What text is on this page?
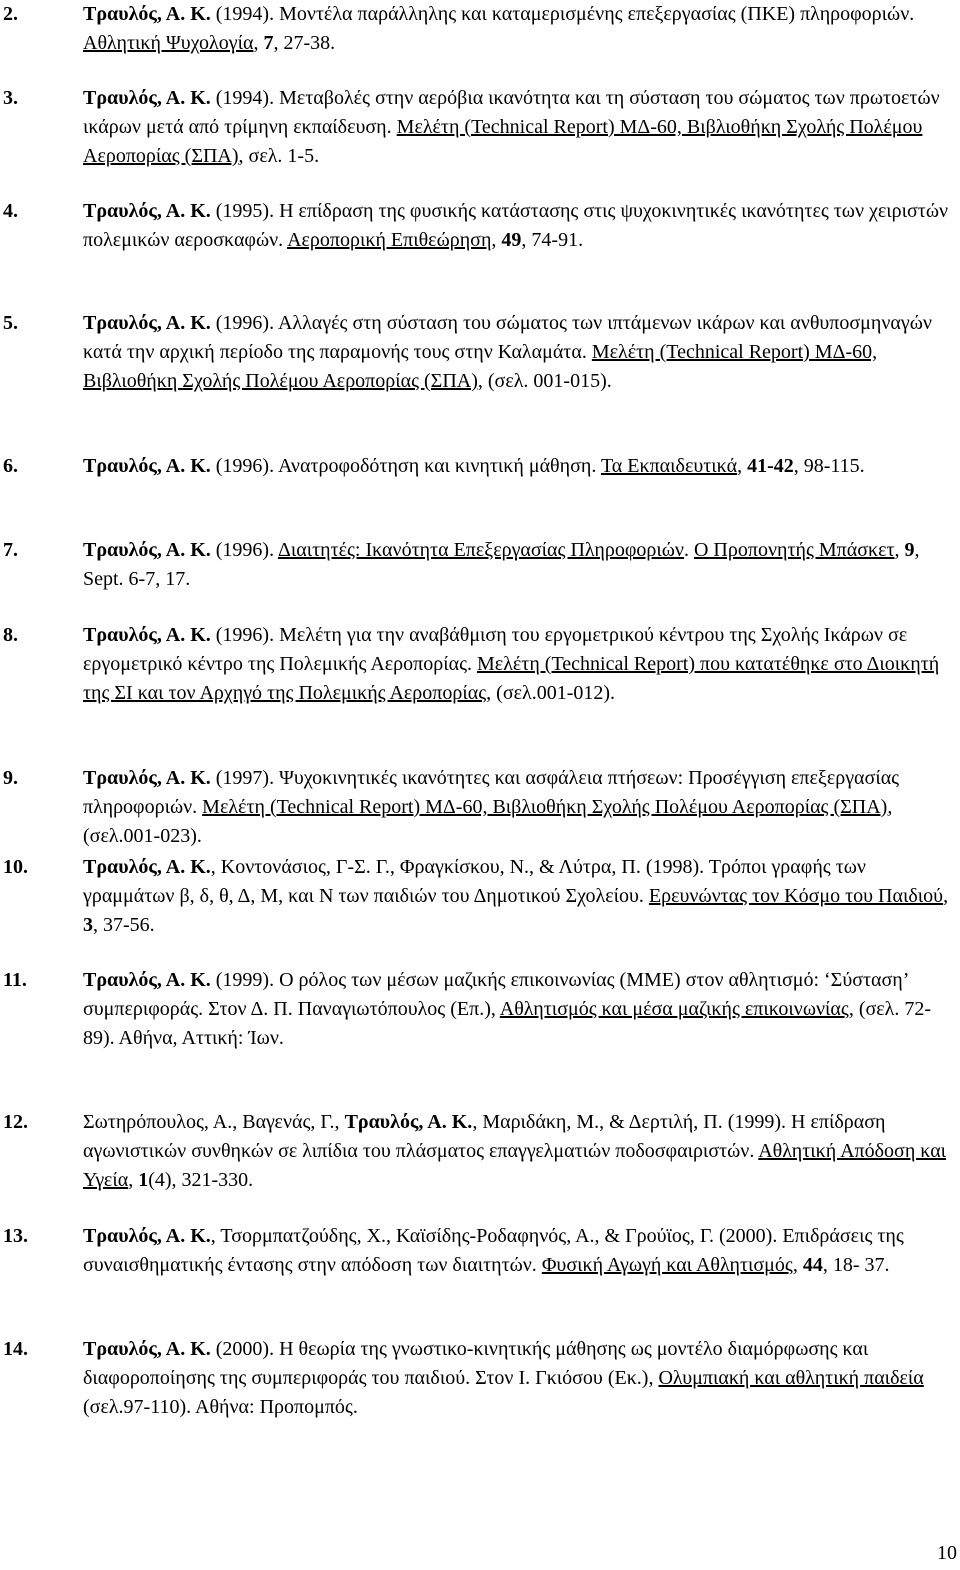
2.	Τραυλός, Α. Κ. (1994). Μοντέλα παράλληλης και καταμερισμένης επεξεργασίας (ΠΚΕ) πληροφοριών. Αθλητική Ψυχολογία, 7, 27-38.
3.	Τραυλός, Α. Κ. (1994). Μεταβολές στην αερόβια ικανότητα και τη σύσταση του σώματος των πρωτοετών ικάρων μετά από τρίμηνη εκπαίδευση. Μελέτη (Technical Report) ΜΔ-60, Βιβλιοθήκη Σχολής Πολέμου Αεροπορίας (ΣΠΑ), σελ. 1-5.
4.	Τραυλός, Α. Κ. (1995). Η επίδραση της φυσικής κατάστασης στις ψυχοκινητικές ικανότητες των χειριστών πολεμικών αεροσκαφών. Αεροπορική Επιθεώρηση, 49, 74-91.
5.	Τραυλός, Α. Κ. (1996). Αλλαγές στη σύσταση του σώματος των ιπτάμενων ικάρων και ανθυποσμηναγών κατά την αρχική περίοδο της παραμονής τους στην Καλαμάτα. Μελέτη (Technical Report) ΜΔ-60, Βιβλιοθήκη Σχολής Πολέμου Αεροπορίας (ΣΠΑ), (σελ. 001-015).
6.	Τραυλός, Α. Κ. (1996). Ανατροφοδότηση και κινητική μάθηση. Τα Εκπαιδευτικά, 41-42, 98-115.
7.	Τραυλός, Α. Κ. (1996). Διαιτητές: Ικανότητα Επεξεργασίας Πληροφοριών. Ο Προπονητής Μπάσκετ, 9, Sept. 6-7, 17.
8.	Τραυλός, Α. Κ. (1996). Μελέτη για την αναβάθμιση του εργομετρικού κέντρου της Σχολής Ικάρων σε εργομετρικό κέντρο της Πολεμικής Αεροπορίας. Μελέτη (Technical Report) που κατατέθηκε στο Διοικητή της ΣΙ και τον Αρχηγό της Πολεμικής Αεροπορίας, (σελ.001-012).
9.	Τραυλός, Α. Κ. (1997). Ψυχοκινητικές ικανότητες και ασφάλεια πτήσεων: Προσέγγιση επεξεργασίας πληροφοριών. Μελέτη (Technical Report) ΜΔ-60, Βιβλιοθήκη Σχολής Πολέμου Αεροπορίας (ΣΠΑ), (σελ.001-023).
10.	Τραυλός, Α. Κ., Κοντονάσιος, Γ-Σ. Γ., Φραγκίσκου, Ν., & Λύτρα, Π. (1998). Τρόποι γραφής των γραμμάτων β, δ, θ, Δ, Μ, και Ν των παιδιών του Δημοτικού Σχολείου. Ερευνώντας τον Κόσμο του Παιδιού, 3, 37-56.
11.	Τραυλός, Α. Κ. (1999). Ο ρόλος των μέσων μαζικής επικοινωνίας (ΜΜΕ) στον αθλητισμό: ‘Σύσταση’ συμπεριφοράς. Στον Δ. Π. Παναγιωτόπουλος (Επ.), Αθλητισμός και μέσα μαζικής επικοινωνίας, (σελ. 72-89). Αθήνα, Αττική: Ίων.
12.	Σωτηρόπουλος, Α., Βαγενάς, Γ., Τραυλός, Α. Κ., Μαριδάκη, Μ., & Δερτιλή, Π. (1999). Η επίδραση αγωνιστικών συνθηκών σε λιπίδια του πλάσματος επαγγελματιών ποδοσφαιριστών. Αθλητική Απόδοση και Υγεία, 1(4), 321-330.
13.	Τραυλός, Α. Κ., Τσορμπατζούδης, Χ., Καϊσίδης-Ροδαφηνός, Α., & Γρούϊος, Γ. (2000). Επιδράσεις της συναισθηματικής έντασης στην απόδοση των διαιτητών. Φυσική Αγωγή και Αθλητισμός, 44, 18- 37.
14.	Τραυλός, Α. Κ. (2000). Η θεωρία της γνωστικο-κινητικής μάθησης ως μοντέλο διαμόρφωσης και διαφοροποίησης της συμπεριφοράς του παιδιού. Στον Ι. Γκιόσου (Εκ.), Ολυμπιακή και αθλητική παιδεία (σελ.97-110). Αθήνα: Προπομπός.
10
